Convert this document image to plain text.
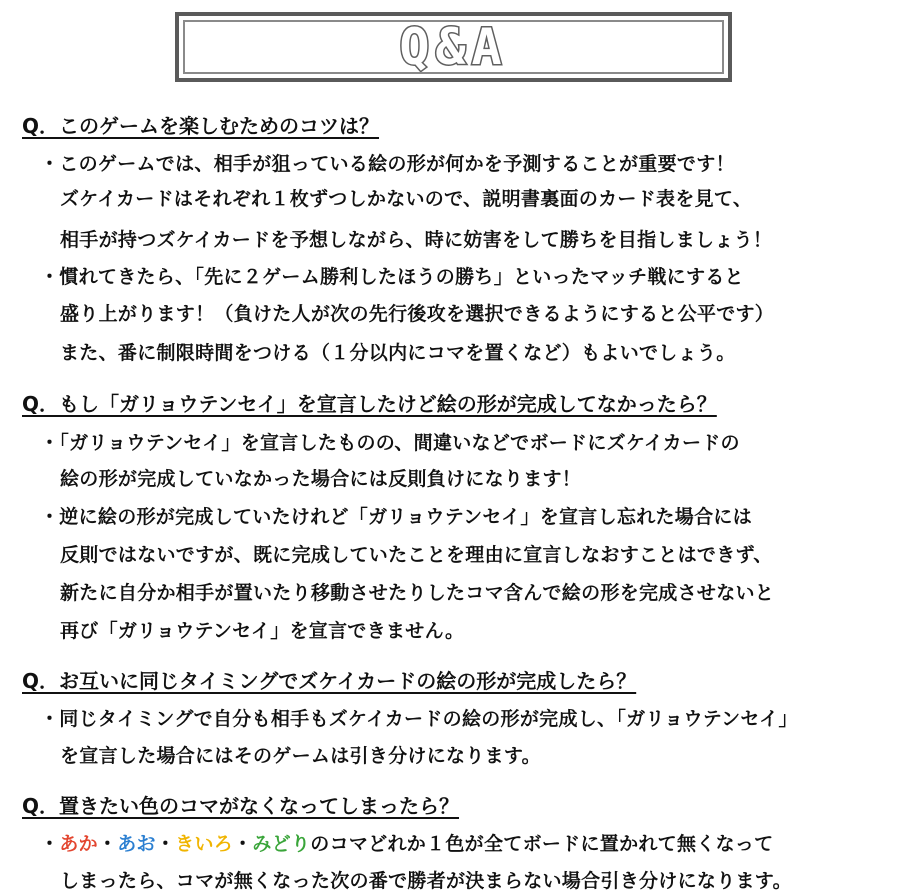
Q&A
Q．このゲームを楽しむためのコツは？
・このゲームでは、相手が狙っている絵の形が何かを予測することが重要です！
ズケイカードはそれぞれ１枚ずつしかないので、説明書裏面のカード表を見て、
相手が持つズケイカードを予想しながら、時に妨害をして勝ちを目指しましょう！
・慣れてきたら、「先に２ゲーム勝利したほうの勝ち」といったマッチ戦にすると
盛り上がります！（負けた人が次の先行後攻を選択できるようにすると公平です）
また、番に制限時間をつける（１分以内にコマを置くなど）もよいでしょう。
Q．もし「ガリョウテンセイ」を宣言したけど絵の形が完成してなかったら？
・「ガリョウテンセイ」を宣言したものの、間違いなどでボードにズケイカードの
絵の形が完成していなかった場合には反則負けになります！
・逆に絵の形が完成していたけれど「ガリョウテンセイ」を宣言し忘れた場合には
反則ではないですが、既に完成していたことを理由に宣言しなおすことはできず、
新たに自分か相手が置いたり移動させたりしたコマ含んで絵の形を完成させないと
再び「ガリョウテンセイ」を宣言できません。
Q．お互いに同じタイミングでズケイカードの絵の形が完成したら？
・同じタイミングで自分も相手もズケイカードの絵の形が完成し、「ガリョウテンセイ」
を宣言した場合にはそのゲームは引き分けになります。
Q．置きたい色のコマがなくなってしまったら？
・あか・あお・きいろ・みどりのコマどれか１色が全てボードに置かれて無くなって
しまったら、コマが無くなった次の番で勝者が決まらない場合引き分けになります。
